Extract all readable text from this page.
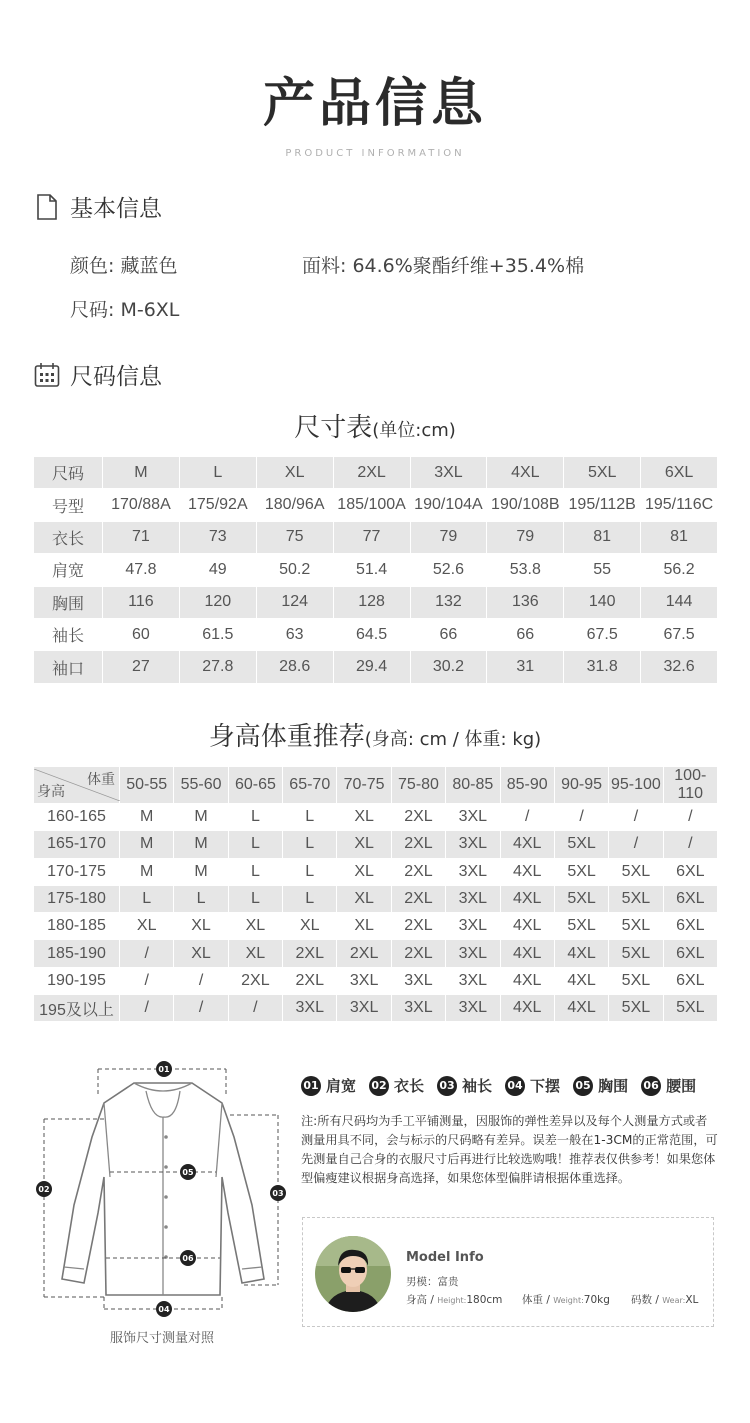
产品信息
PRODUCT INFORMATION
基本信息
颜色: 藏蓝色	面料: 64.6%聚酯纤维+35.4%棉
尺码: M-6XL
尺码信息
尺寸表(单位:cm)
尺码	M	L	XL	2XL	3XL	4XL	5XL	6XL
号型	170/88A	175/92A	180/96A	185/100A	190/104A	190/108B	195/112B	195/116C
衣长	71	73	75	77	79	79	81	81
肩宽	47.8	49	50.2	51.4	52.6	53.8	55	56.2
胸围	116	120	124	128	132	136	140	144
袖长	60	61.5	63	64.5	66	66	67.5	67.5
袖口	27	27.8	28.6	29.4	30.2	31	31.8	32.6
身高体重推荐(身高: cm / 体重: kg)
体重
身高	50-55	55-60	60-65	65-70	70-75	75-80	80-85	85-90	90-95	95-100	100-110
160-165	M	M	L	L	XL	2XL	3XL	/	/	/	/
165-170	M	M	L	L	XL	2XL	3XL	4XL	5XL	/	/
170-175	M	M	L	L	XL	2XL	3XL	4XL	5XL	5XL	6XL
175-180	L	L	L	L	XL	2XL	3XL	4XL	5XL	5XL	6XL
180-185	XL	XL	XL	XL	XL	2XL	3XL	4XL	5XL	5XL	6XL
185-190	/	XL	XL	2XL	2XL	2XL	3XL	4XL	4XL	5XL	6XL
190-195	/	/	2XL	2XL	3XL	3XL	3XL	4XL	4XL	5XL	6XL
195及以上	/	/	/	3XL	3XL	3XL	3XL	4XL	4XL	5XL	5XL
01
02	03
04
05
06
服饰尺寸测量对照
01 肩宽 02 衣长 03 袖长 04 下摆 05 胸围 06 腰围
注:所有尺码均为手工平铺测量，因服饰的弹性差异以及每个人测量方式或者测量用具不同，会与标示的尺码略有差异。误差一般在1-3CM的正常范围，可先测量自己合身的衣服尺寸后再进行比较选购哦！推荐表仅供参考！如果您体型偏瘦建议根据身高选择，如果您体型偏胖请根据体重选择。
Model Info
男模：富贵
身高 / Height:180cm 体重 / Weight:70kg 码数 / Wear:XL
